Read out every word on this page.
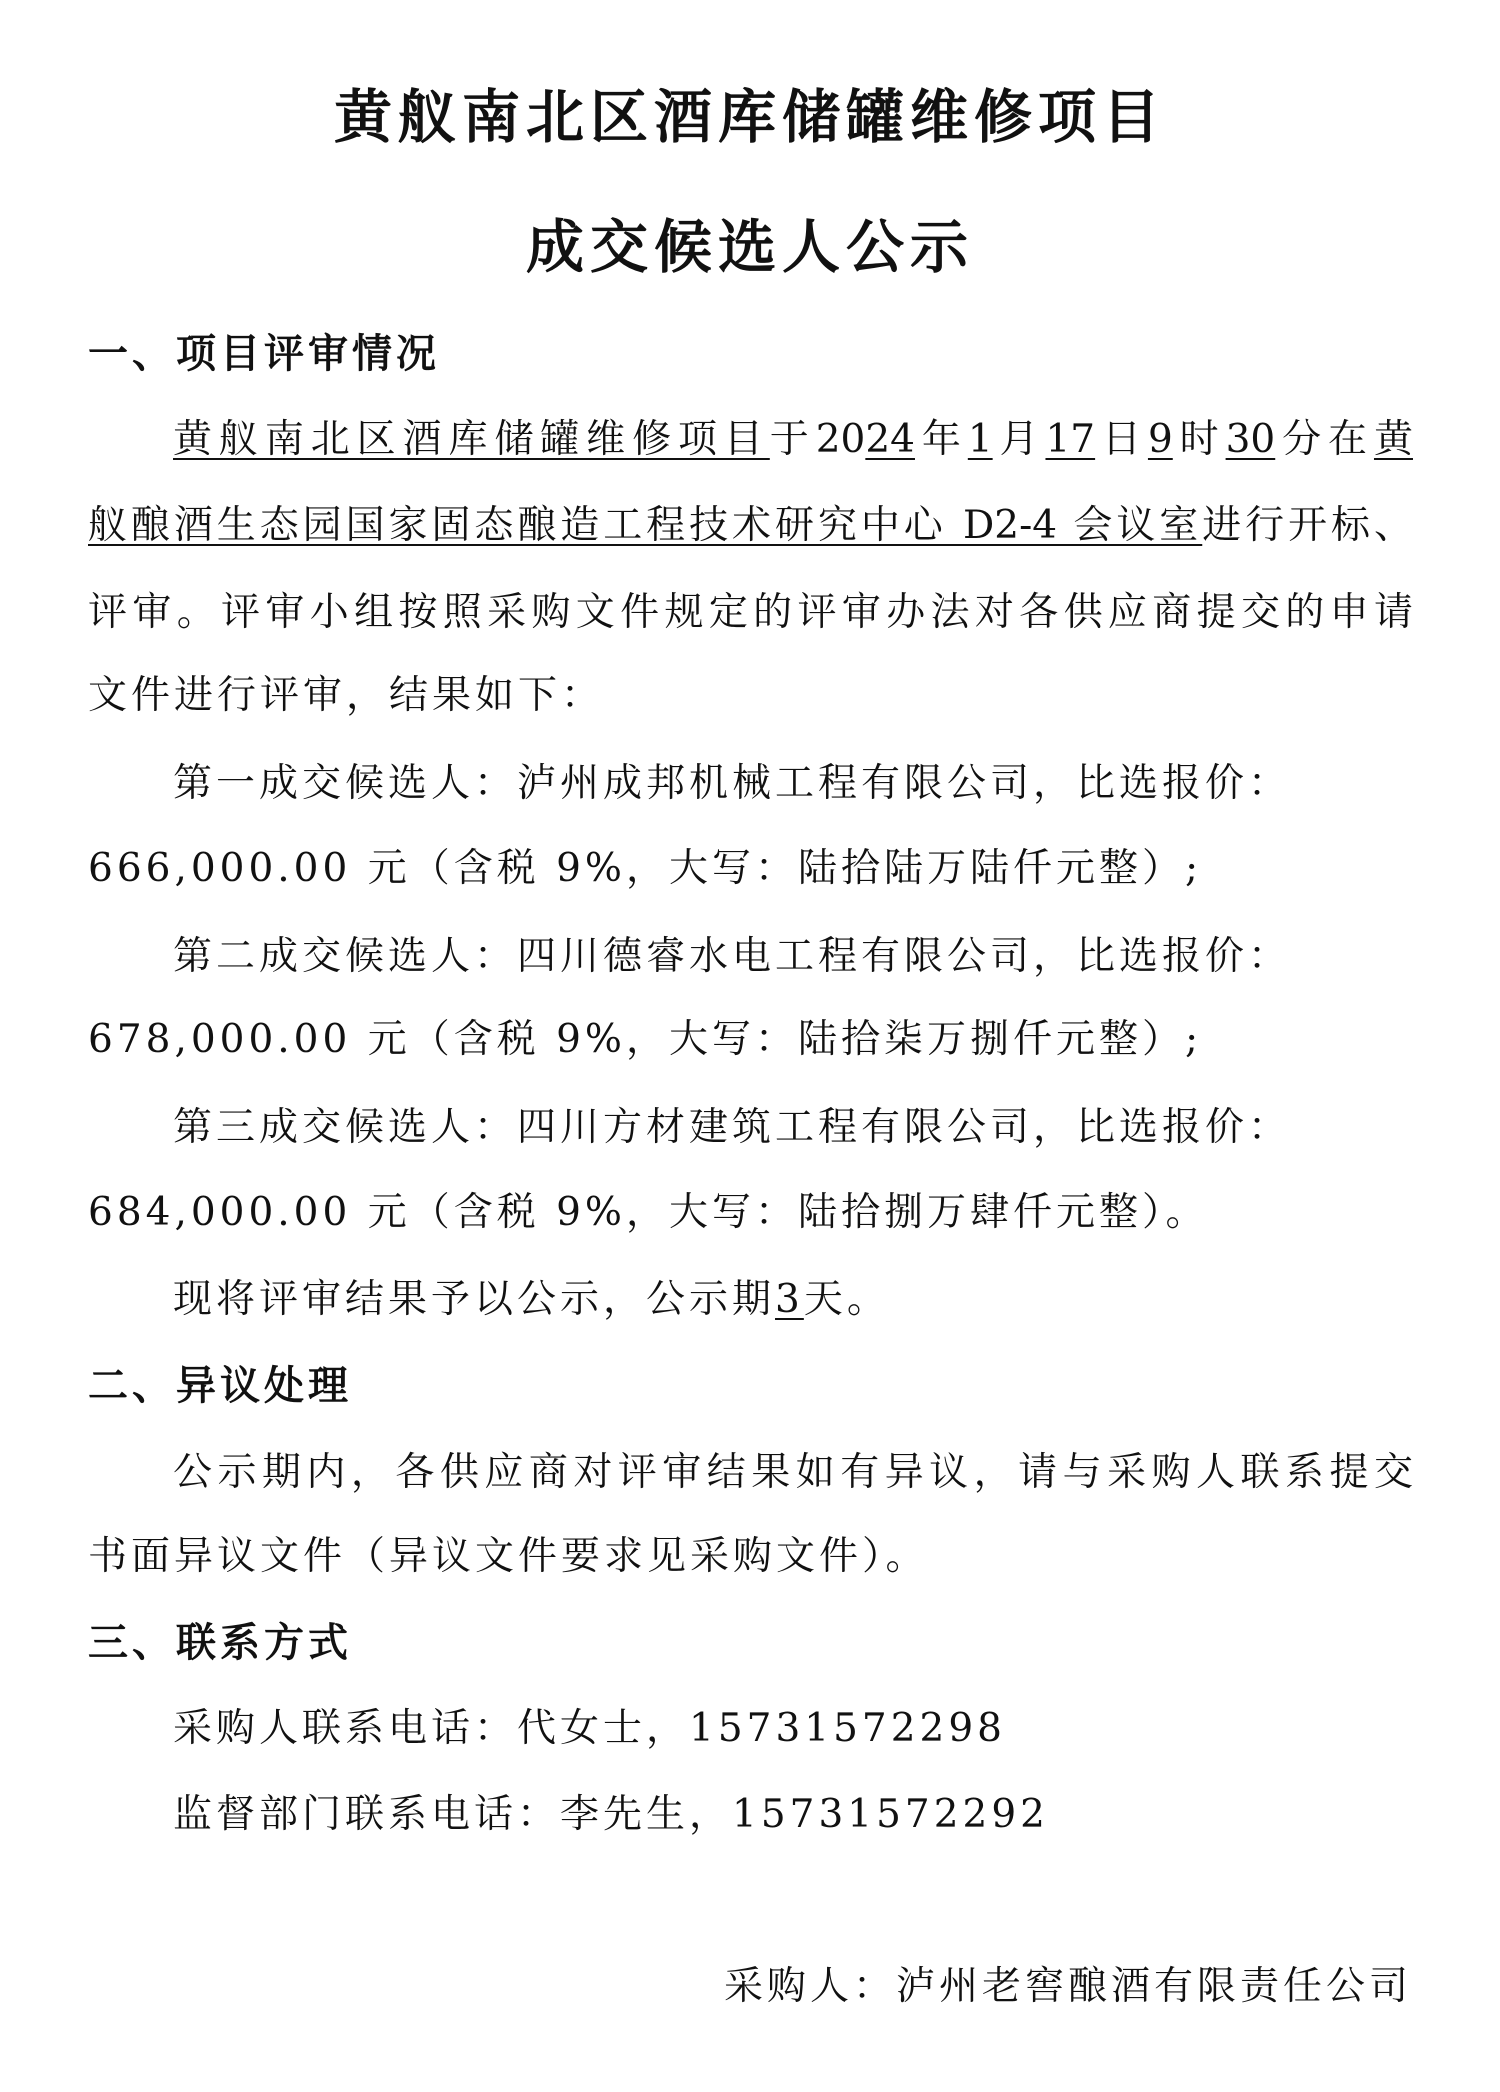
黄舣南北区酒库储罐维修项目
成交候选人公示
一、项目评审情况
黄舣南北区酒库储罐维修项目于2024年1月17日9时30分在黄
舣酿酒生态园国家固态酿造工程技术研究中心 D2-4 会议室进行开标、
评审。评审小组按照采购文件规定的评审办法对各供应商提交的申请
文件进行评审，结果如下：
第一成交候选人：泸州成邦机械工程有限公司，比选报价：
666,000.00 元（含税 9%，大写：陆拾陆万陆仟元整）;
第二成交候选人：四川德睿水电工程有限公司，比选报价：
678,000.00 元（含税 9%，大写：陆拾柒万捌仟元整）;
第三成交候选人：四川方材建筑工程有限公司，比选报价：
684,000.00 元（含税 9%，大写：陆拾捌万肆仟元整）。
现将评审结果予以公示，公示期3天。
二、异议处理
公示期内，各供应商对评审结果如有异议，请与采购人联系提交
书面异议文件（异议文件要求见采购文件）。
三、联系方式
采购人联系电话：代女士，15731572298
监督部门联系电话：李先生，15731572292
采购人：泸州老窖酿酒有限责任公司
